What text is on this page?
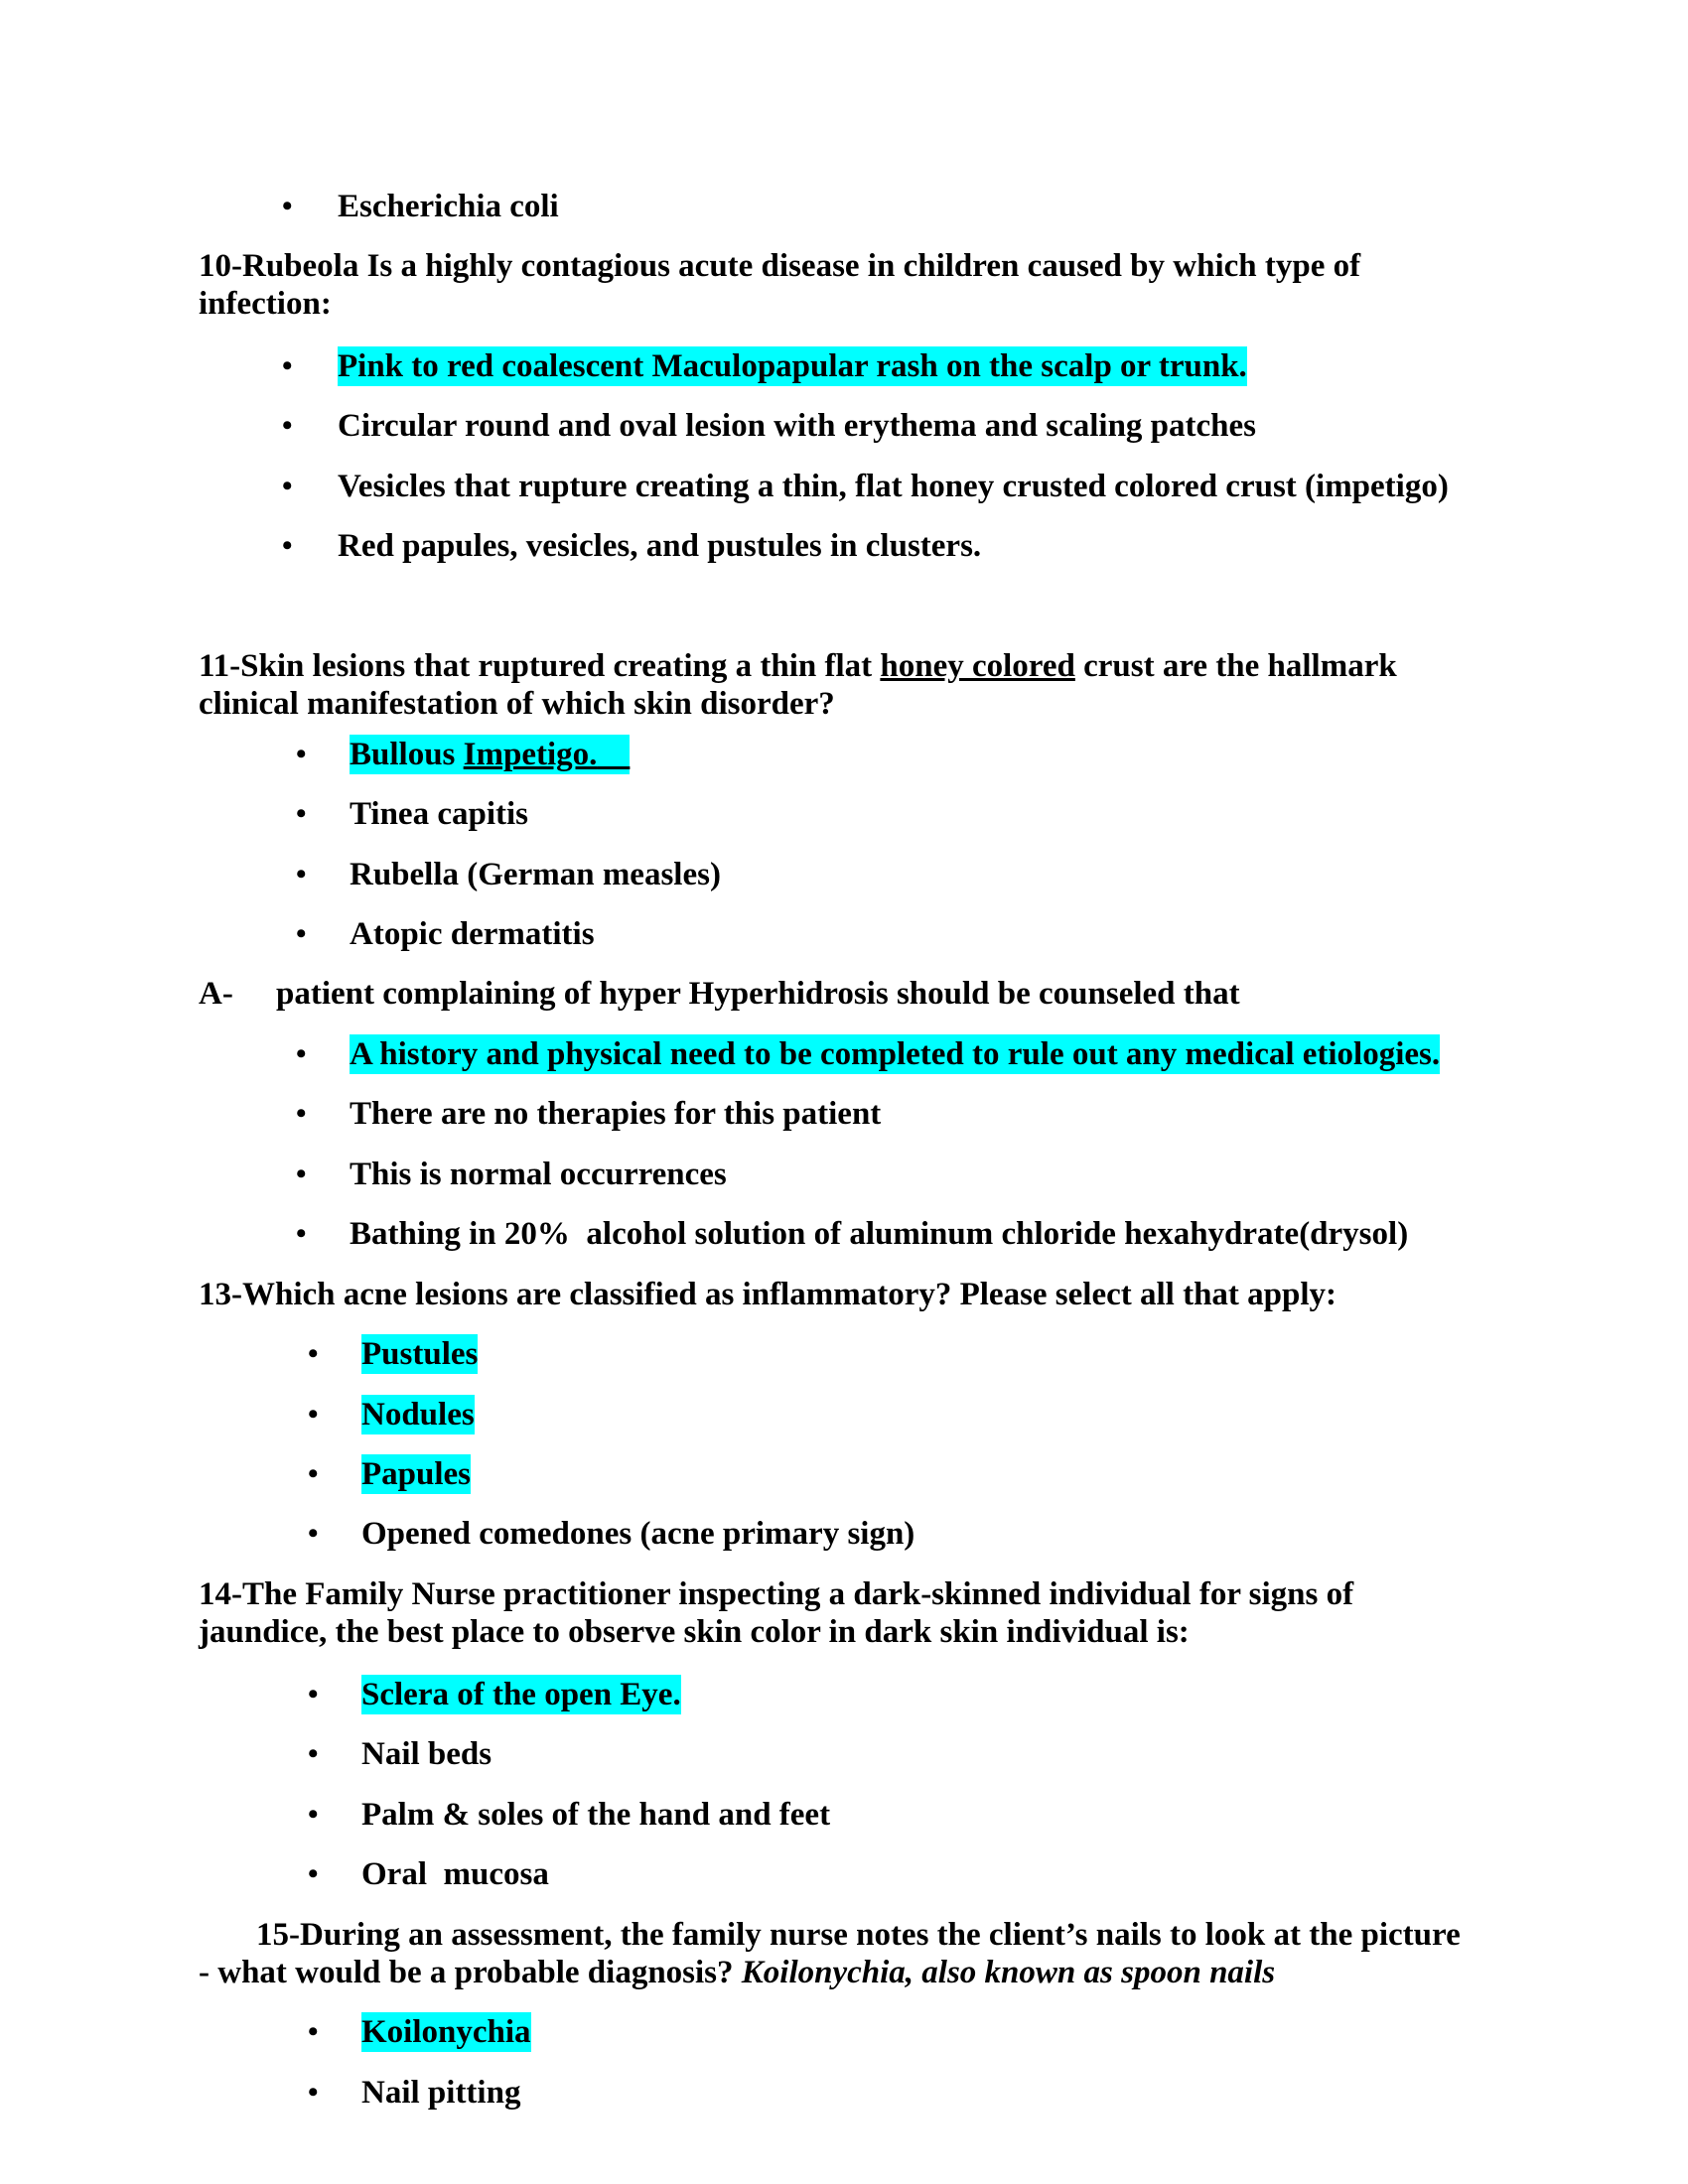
• Escherichia coli
10-Rubeola Is a highly contagious acute disease in children caused by which type of
infection:
• Pink to red coalescent Maculopapular rash on the scalp or trunk.
• Circular round and oval lesion with erythema and scaling patches
• Vesicles that rupture creating a thin, flat honey crusted colored crust (impetigo)
• Red papules, vesicles, and pustules in clusters.
11-Skin lesions that ruptured creating a thin flat honey colored crust are the hallmark
clinical manifestation of which skin disorder?
• Bullous Impetigo.
• Tinea capitis
• Rubella (German measles)
• Atopic dermatitis
A- patient complaining of hyper Hyperhidrosis should be counseled that
• A history and physical need to be completed to rule out any medical etiologies.
• There are no therapies for this patient
• This is normal occurrences
• Bathing in 20%  alcohol solution of aluminum chloride hexahydrate(drysol)
13-Which acne lesions are classified as inflammatory? Please select all that apply:
• Pustules
• Nodules
• Papules
• Opened comedones (acne primary sign)
14-The Family Nurse practitioner inspecting a dark-skinned individual for signs of
jaundice, the best place to observe skin color in dark skin individual is:
• Sclera of the open Eye.
• Nail beds
• Palm & soles of the hand and feet
• Oral  mucosa
15-During an assessment, the family nurse notes the client’s nails to look at the picture
- what would be a probable diagnosis? Koilonychia, also known as spoon nails
• Koilonychia
• Nail pitting
